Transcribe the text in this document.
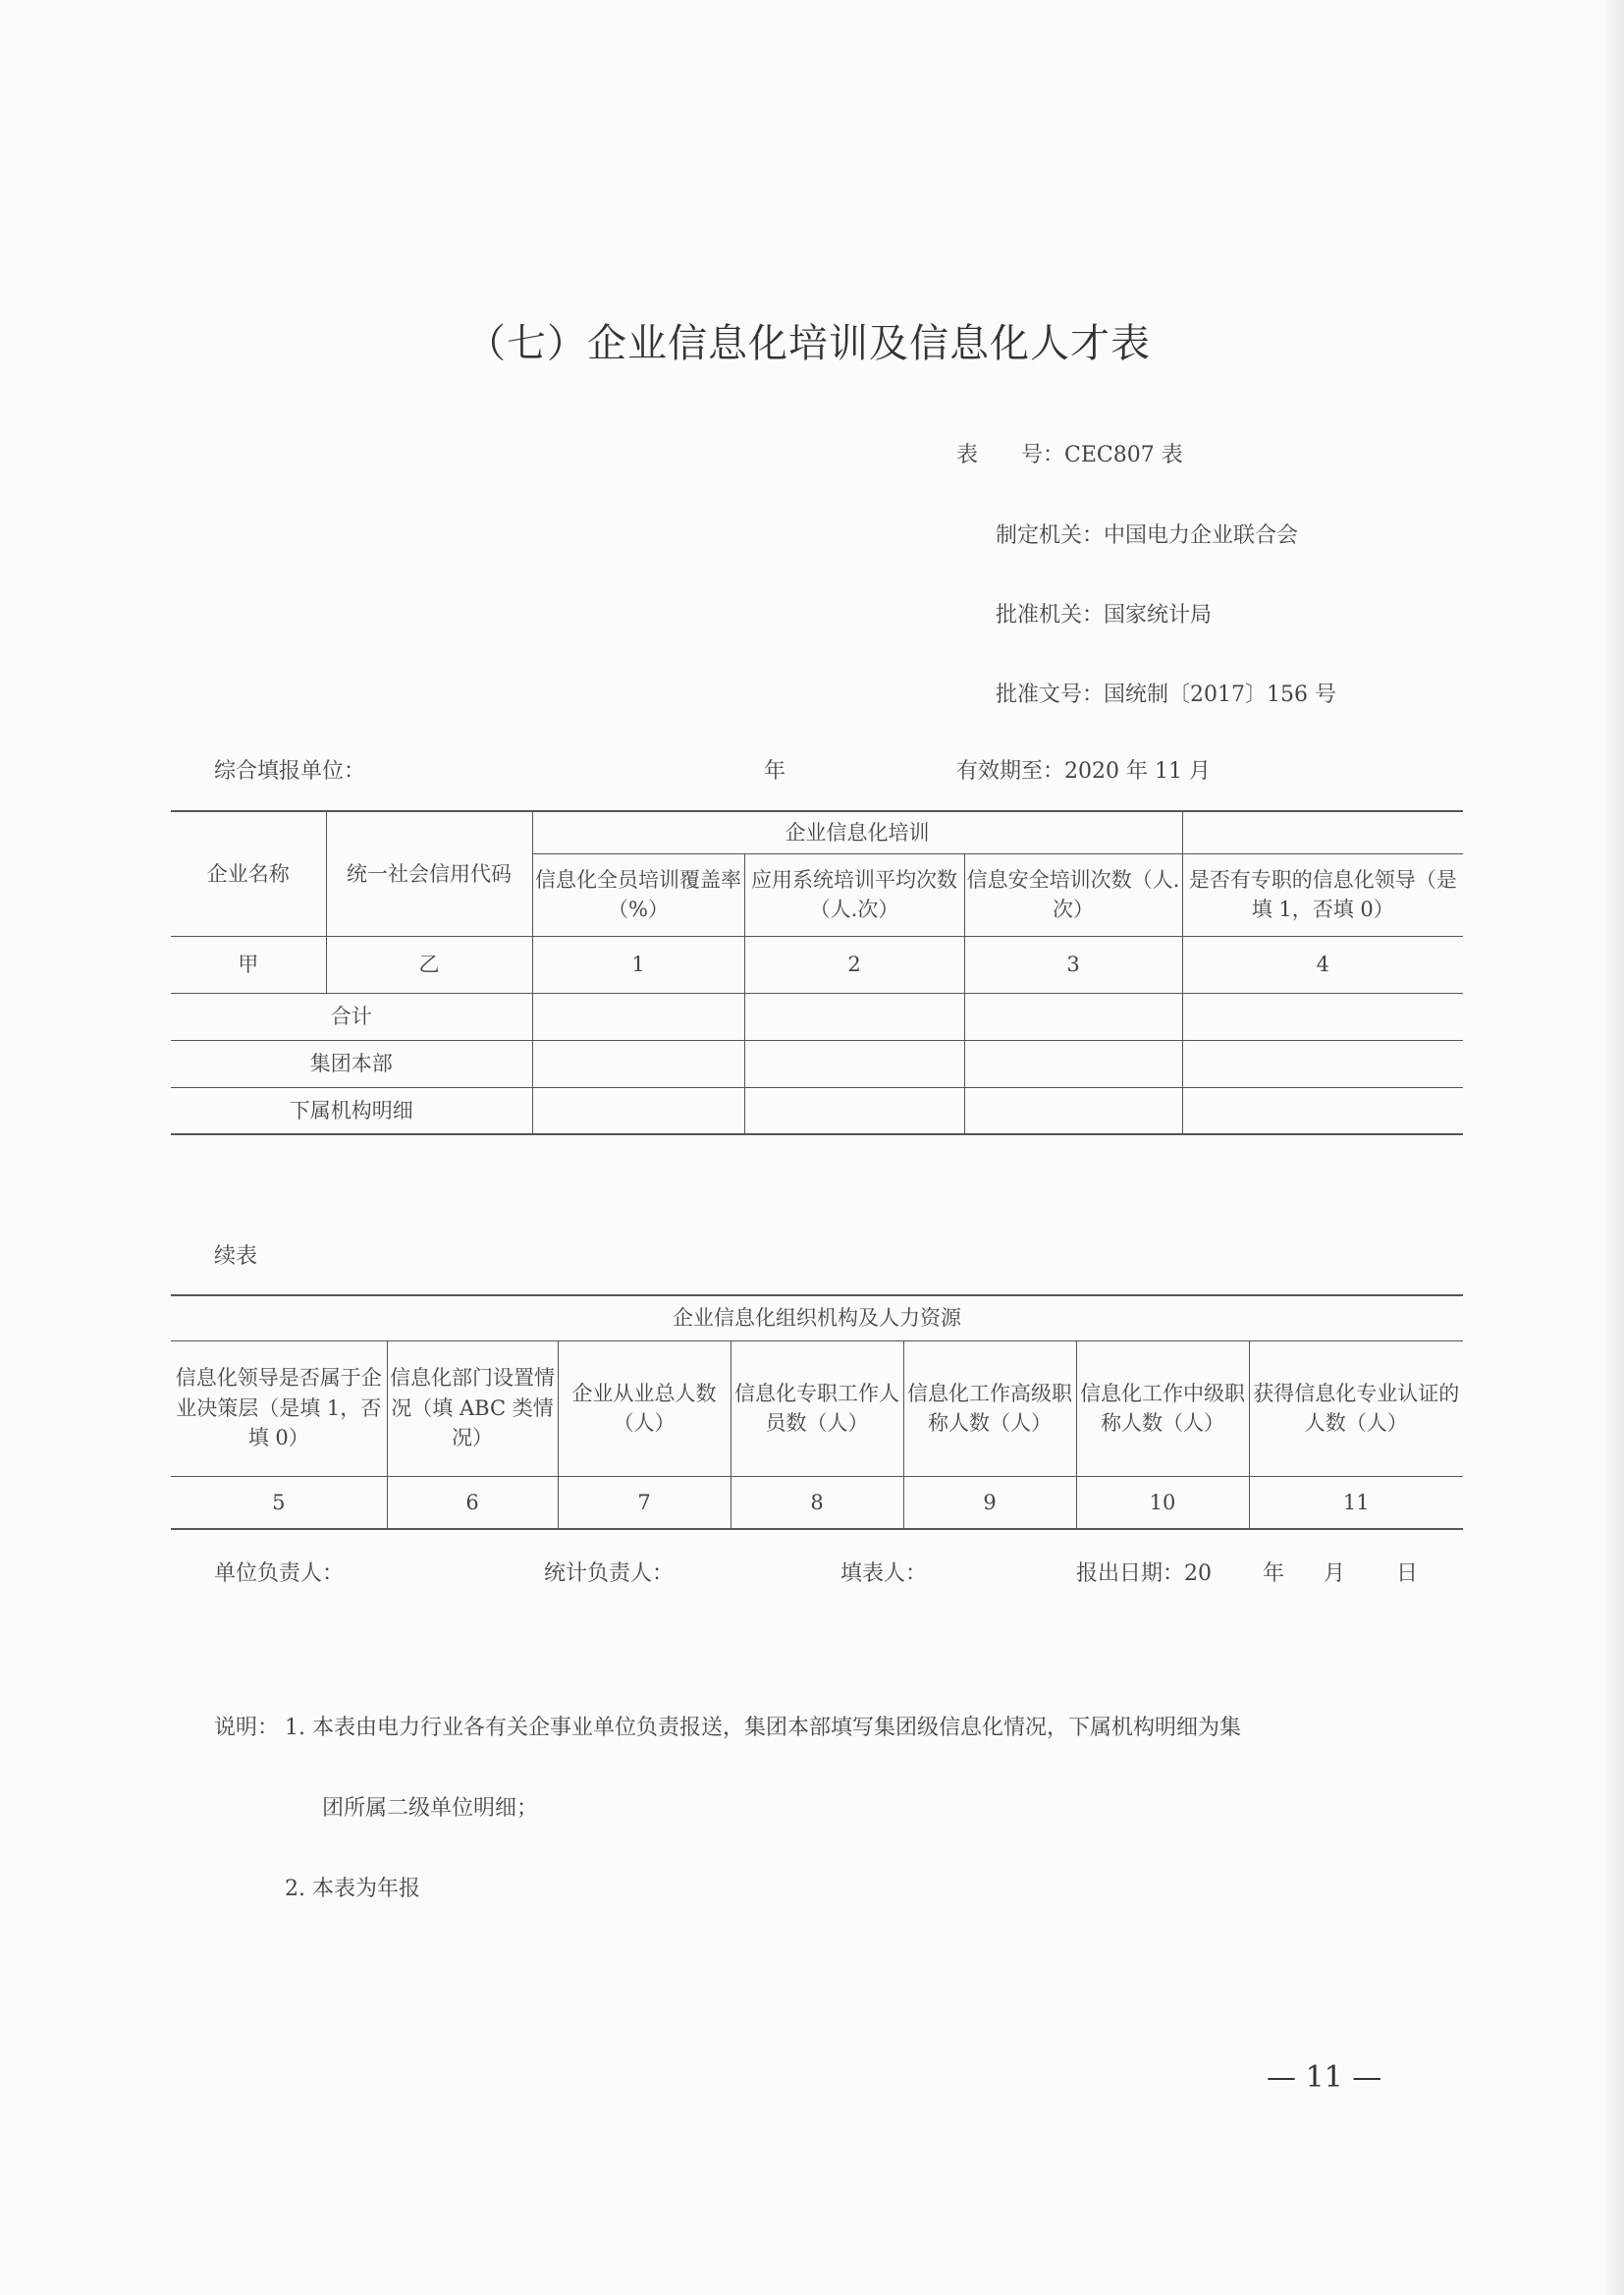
（七）企业信息化培训及信息化人才表
表　　号：CEC807 表
制定机关：中国电力企业联合会
批准机关：国家统计局
批准文号：国统制〔2017〕156 号
综合填报单位：	年	有效期至：2020 年 11 月
企业名称	统一社会信用代码	企业信息化培训			
		信息化全员培训覆盖率（%）	应用系统培训平均次数（人.次）	信息安全培训次数（人.次）	是否有专职的信息化领导（是填 1，否填 0）
甲	乙	1	2	3	4
合计					
集团本部					
下属机构明细					
续表
企业信息化组织机构及人力资源						
信息化领导是否属于企业决策层（是填 1，否填 0）	信息化部门设置情况（填 ABC 类情况）	企业从业总人数（人）	信息化专职工作人员数（人）	信息化工作高级职称人数（人）	信息化工作中级职称人数（人）	获得信息化专业认证的人数（人）
5	6	7	8	9	10	11
单位负责人：	统计负责人：	填表人：	报出日期：20 年 月 日
说明： 1. 本表由电力行业各有关企事业单位负责报送，集团本部填写集团级信息化情况，下属机构明细为集
团所属二级单位明细；
2. 本表为年报
— 11 —
